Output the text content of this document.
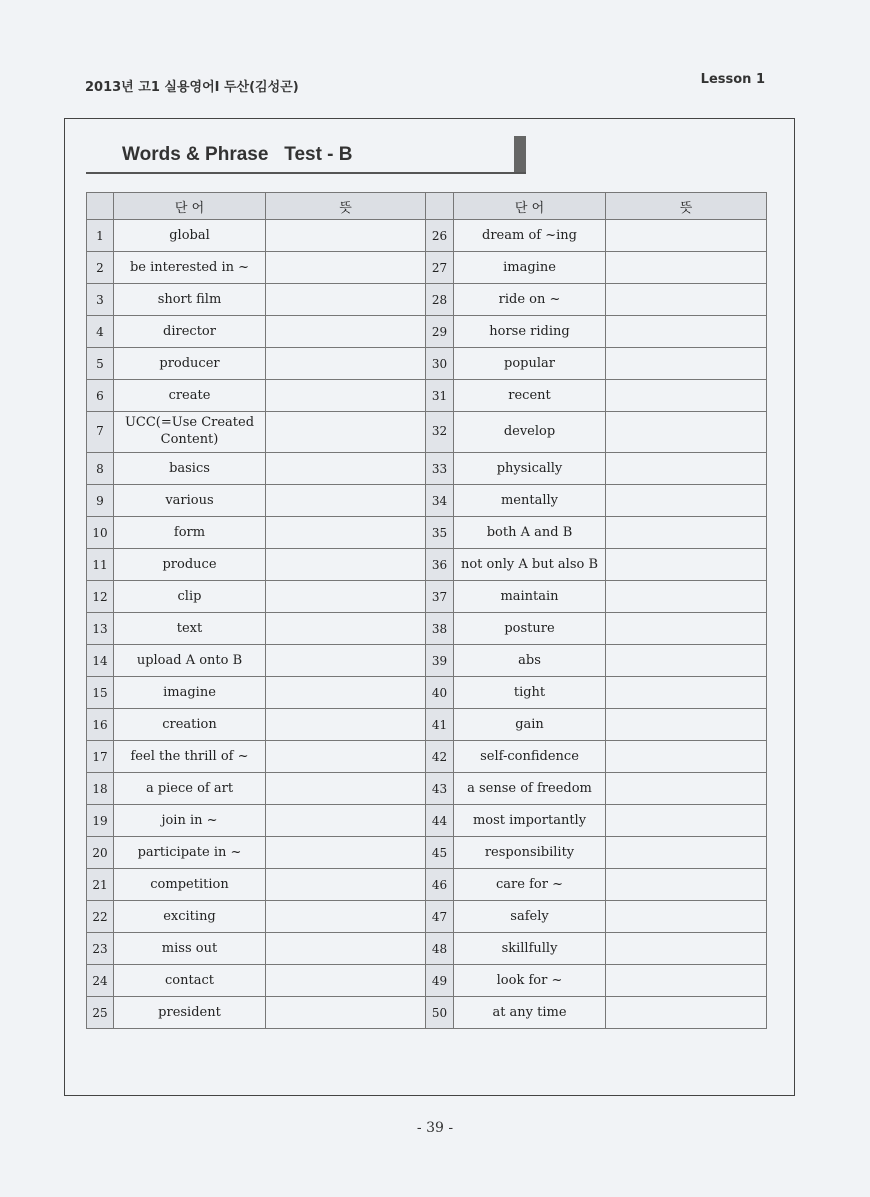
2013년 고1 실용영어I 두산(김성곤)
Lesson 1
Words & Phrase   Test - B
	단 어	뜻		단 어	뜻
1	global		26	dream of ~ing	
2	be interested in ~		27	imagine	
3	short film		28	ride on ~	
4	director		29	horse riding	
5	producer		30	popular	
6	create		31	recent	
7	UCC(=Use Created Content)		32	develop	
8	basics		33	physically	
9	various		34	mentally	
10	form		35	both A and B	
11	produce		36	not only A but also B	
12	clip		37	maintain	
13	text		38	posture	
14	upload A onto B		39	abs	
15	imagine		40	tight	
16	creation		41	gain	
17	feel the thrill of ~		42	self-confidence	
18	a piece of art		43	a sense of freedom	
19	join in ~		44	most importantly	
20	participate in ~		45	responsibility	
21	competition		46	care for ~	
22	exciting		47	safely	
23	miss out		48	skillfully	
24	contact		49	look for ~	
25	president		50	at any time	
- 39 -
